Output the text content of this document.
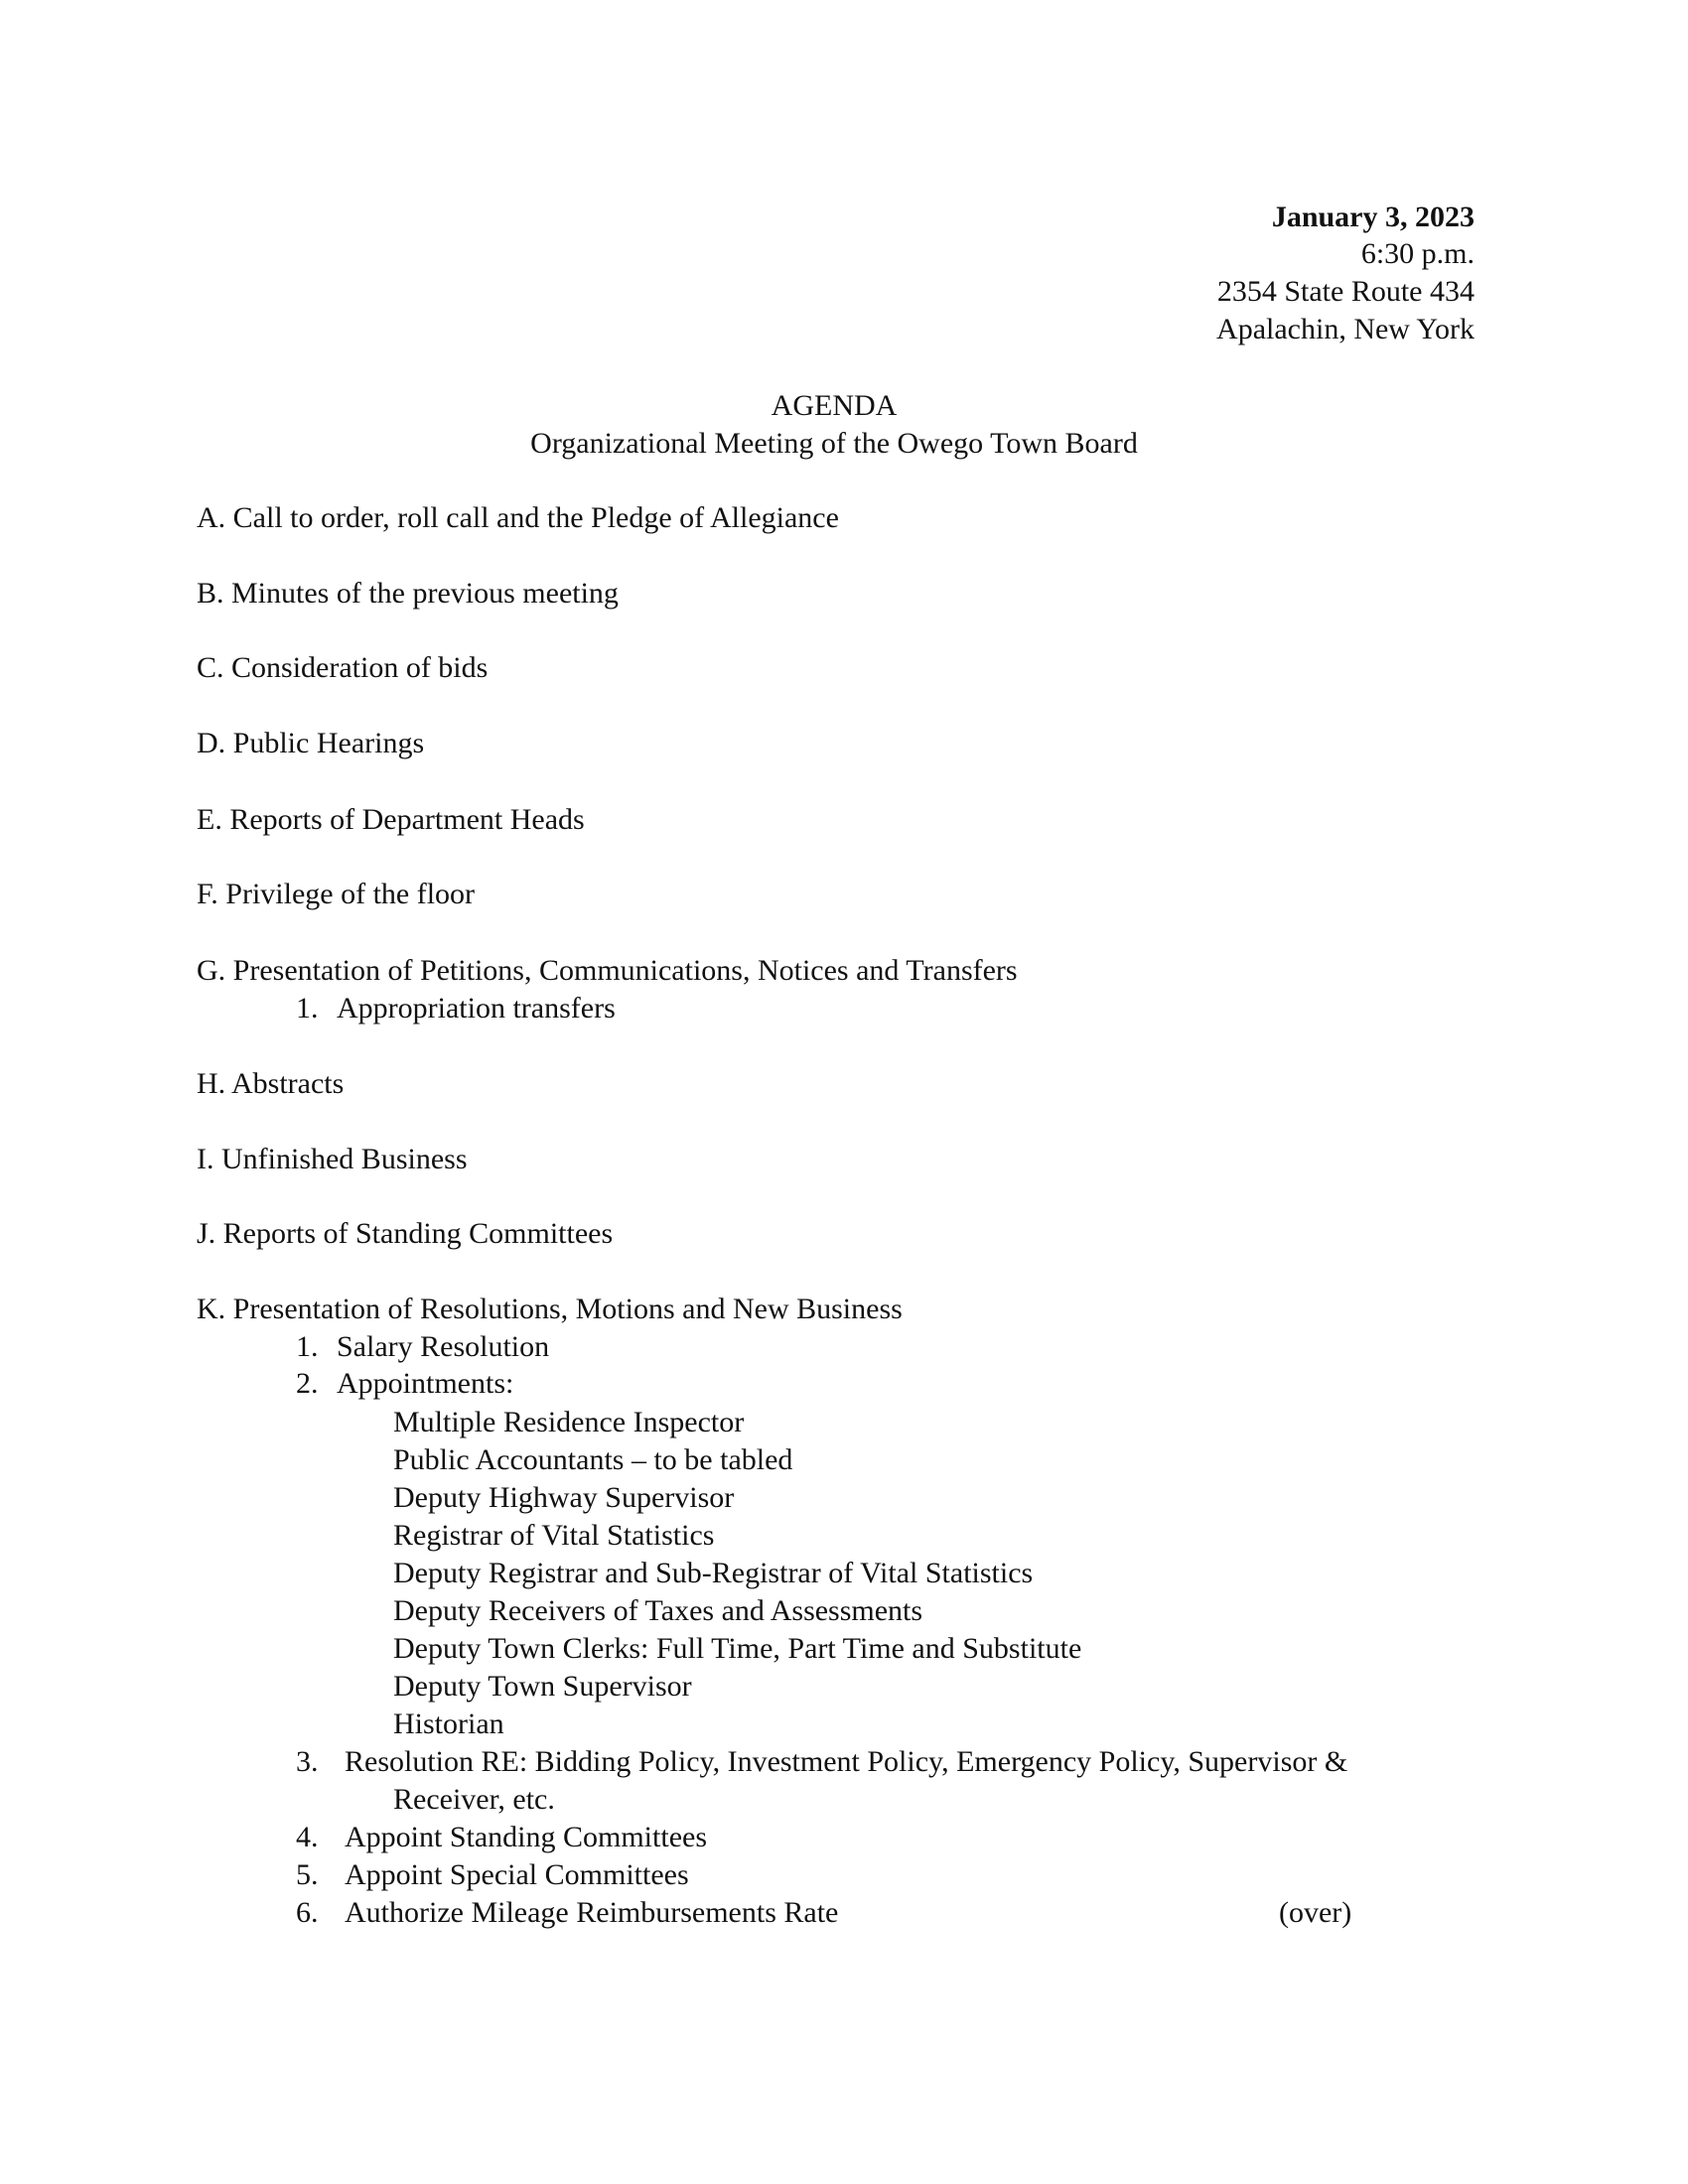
January 3, 2023
6:30 p.m.
2354 State Route 434
Apalachin, New York
AGENDA
Organizational Meeting of the Owego Town Board
A. Call to order, roll call and the Pledge of Allegiance
B. Minutes of the previous meeting
C. Consideration of bids
D. Public Hearings
E. Reports of Department Heads
F. Privilege of the floor
G. Presentation of Petitions, Communications, Notices and Transfers
1. Appropriation transfers
H. Abstracts
I. Unfinished Business
J. Reports of Standing Committees
K. Presentation of Resolutions, Motions and New Business
1. Salary Resolution
2. Appointments:
Multiple Residence Inspector
Public Accountants – to be tabled
Deputy Highway Supervisor
Registrar of Vital Statistics
Deputy Registrar and Sub-Registrar of Vital Statistics
Deputy Receivers of Taxes and Assessments
Deputy Town Clerks: Full Time, Part Time and Substitute
Deputy Town Supervisor
Historian
3. Resolution RE: Bidding Policy, Investment Policy, Emergency Policy, Supervisor &
Receiver, etc.
4. Appoint Standing Committees
5. Appoint Special Committees
6. Authorize Mileage Reimbursements Rate	(over)
